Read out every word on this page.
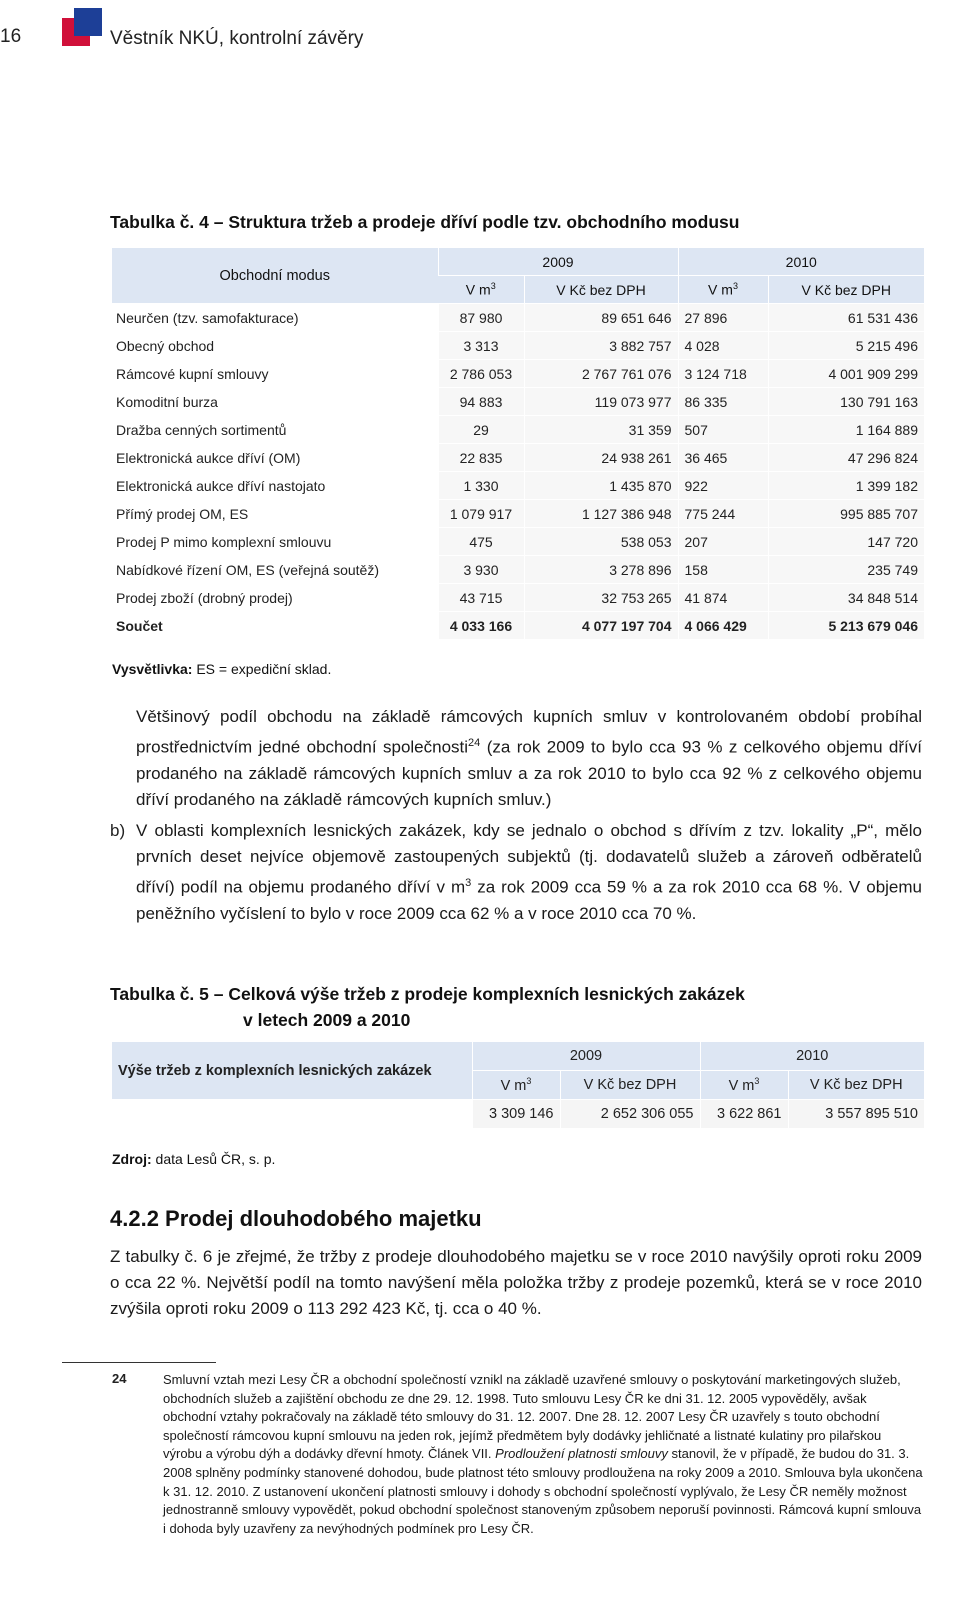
16	Věstník NKÚ, kontrolní závěry
Tabulka č. 4 – Struktura tržeb a prodeje dříví podle tzv. obchodního modusu
Obchodní modus	2009		2010	
	V $m^3$	V Kč bez DPH	V $m^3$	V Kč bez DPH
Neurčen (tzv. samofakturace)	87 980	89 651 646	27 896	61 531 436
Obecný obchod	3 313	3 882 757	4 028	5 215 496
Rámcové kupní smlouvy	2 786 053	2 767 761 076	3 124 718	4 001 909 299
Komoditní burza	94 883	119 073 977	86 335	130 791 163
Dražba cenných sortimentů	29	31 359	507	1 164 889
Elektronická aukce dříví (OM)	22 835	24 938 261	36 465	47 296 824
Elektronická aukce dříví nastojato	1 330	1 435 870	922	1 399 182
Přímý prodej OM, ES	1 079 917	1 127 386 948	775 244	995 885 707
Prodej P mimo komplexní smlouvu	475	538 053	207	147 720
Nabídkové řízení OM, ES (veřejná soutěž)	3 930	3 278 896	158	235 749
Prodej zboží (drobný prodej)	43 715	32 753 265	41 874	34 848 514
Součet	4 033 166	4 077 197 704	4 066 429	5 213 679 046
Vysvětlivka: ES = expediční sklad.
Většinový podíl obchodu na základě rámcových kupních smluv v kontrolovaném období probíhal prostřednictvím jedné obchodní společnosti$^{24}$ (za rok 2009 to bylo cca 93 % z celkového objemu dříví prodaného na základě rámcových kupních smluv a za rok 2010 to bylo cca 92 % z celkového objemu dříví prodaného na základě rámcových kupních smluv.)
b) V oblasti komplexních lesnických zakázek, kdy se jednalo o obchod s dřívím z tzv. lokality „P“, mělo prvních deset nejvíce objemově zastoupených subjektů (tj. dodavatelů služeb a zároveň odběratelů dříví) podíl na objemu prodaného dříví v $m^3$ za rok 2009 cca 59 % a za rok 2010 cca 68 %. V objemu peněžního vyčíslení to bylo v roce 2009 cca 62 % a v roce 2010 cca 70 %.
Tabulka č. 5 – Celková výše tržeb z prodeje komplexních lesnických zakázek
v letech 2009 a 2010
Výše tržeb z komplexních lesnických zakázek	2009		2010	
	V $m^3$	V Kč bez DPH	V $m^3$	V Kč bez DPH
	3 309 146	2 652 306 055	3 622 861	3 557 895 510
Zdroj: data Lesů ČR, s. p.
4.2.2 Prodej dlouhodobého majetku
Z tabulky č. 6 je zřejmé, že tržby z prodeje dlouhodobého majetku se v roce 2010 navýšily oproti roku 2009 o cca 22 %. Největší podíl na tomto navýšení měla položka tržby z prodeje pozemků, která se v roce 2010 zvýšila oproti roku 2009 o 113 292 423 Kč, tj. cca o 40 %.
24	Smluvní vztah mezi Lesy ČR a obchodní společností vznikl na základě uzavřené smlouvy o poskytování marketingových služeb, obchodních služeb a zajištění obchodu ze dne 29. 12. 1998. Tuto smlouvu Lesy ČR ke dni 31. 12. 2005 vypověděly, avšak obchodní vztahy pokračovaly na základě této smlouvy do 31. 12. 2007. Dne 28. 12. 2007 Lesy ČR uzavřely s touto obchodní společností rámcovou kupní smlouvu na jeden rok, jejímž předmětem byly dodávky jehličnaté a listnaté kulatiny pro pilařskou výrobu a výrobu dýh a dodávky dřevní hmoty. Článek VII. Prodloužení platnosti smlouvy stanovil, že v případě, že budou do 31. 3. 2008 splněny podmínky stanovené dohodou, bude platnost této smlouvy prodloužena na roky 2009 a 2010. Smlouva byla ukončena k 31. 12. 2010. Z ustanovení ukončení platnosti smlouvy i dohody s obchodní společností vyplývalo, že Lesy ČR neměly možnost jednostranně smlouvy vypovědět, pokud obchodní společnost stanoveným způsobem neporuší povinnosti. Rámcová kupní smlouva i dohoda byly uzavřeny za nevýhodných podmínek pro Lesy ČR.
